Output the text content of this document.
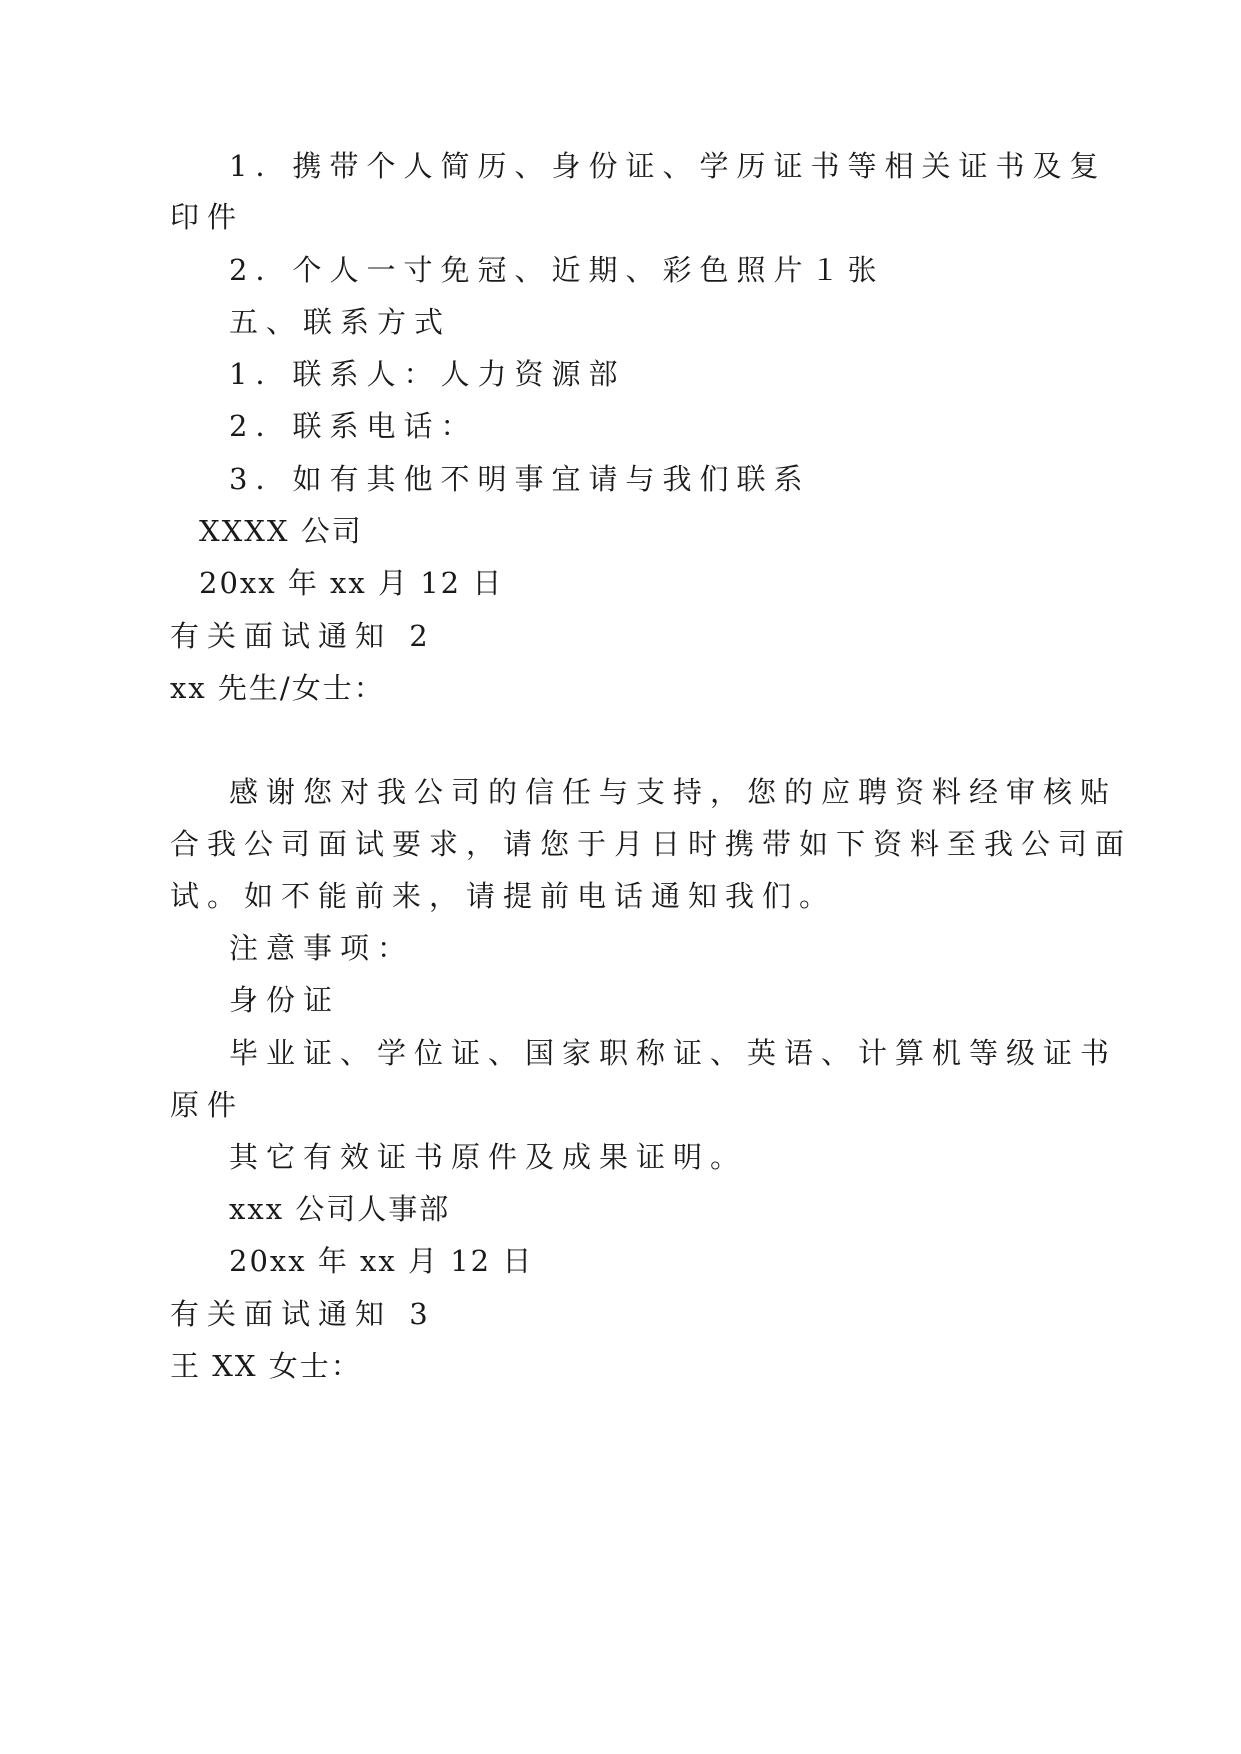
1．携带个人简历、身份证、学历证书等相关证书及复
印件
2．个人一寸免冠、近期、彩色照片１张
五、联系方式
1．联系人：人力资源部
2．联系电话：
3．如有其他不明事宜请与我们联系
XXXX 公司
20xx 年 xx 月 12 日
有关面试通知 2
xx 先生/女士：
感谢您对我公司的信任与支持，您的应聘资料经审核贴
合我公司面试要求，请您于月日时携带如下资料至我公司面
试。如不能前来，请提前电话通知我们。
注意事项：
身份证
毕业证、学位证、国家职称证、英语、计算机等级证书
原件
其它有效证书原件及成果证明。
xxx 公司人事部
20xx 年 xx 月 12 日
有关面试通知 3
王 XX 女士：
